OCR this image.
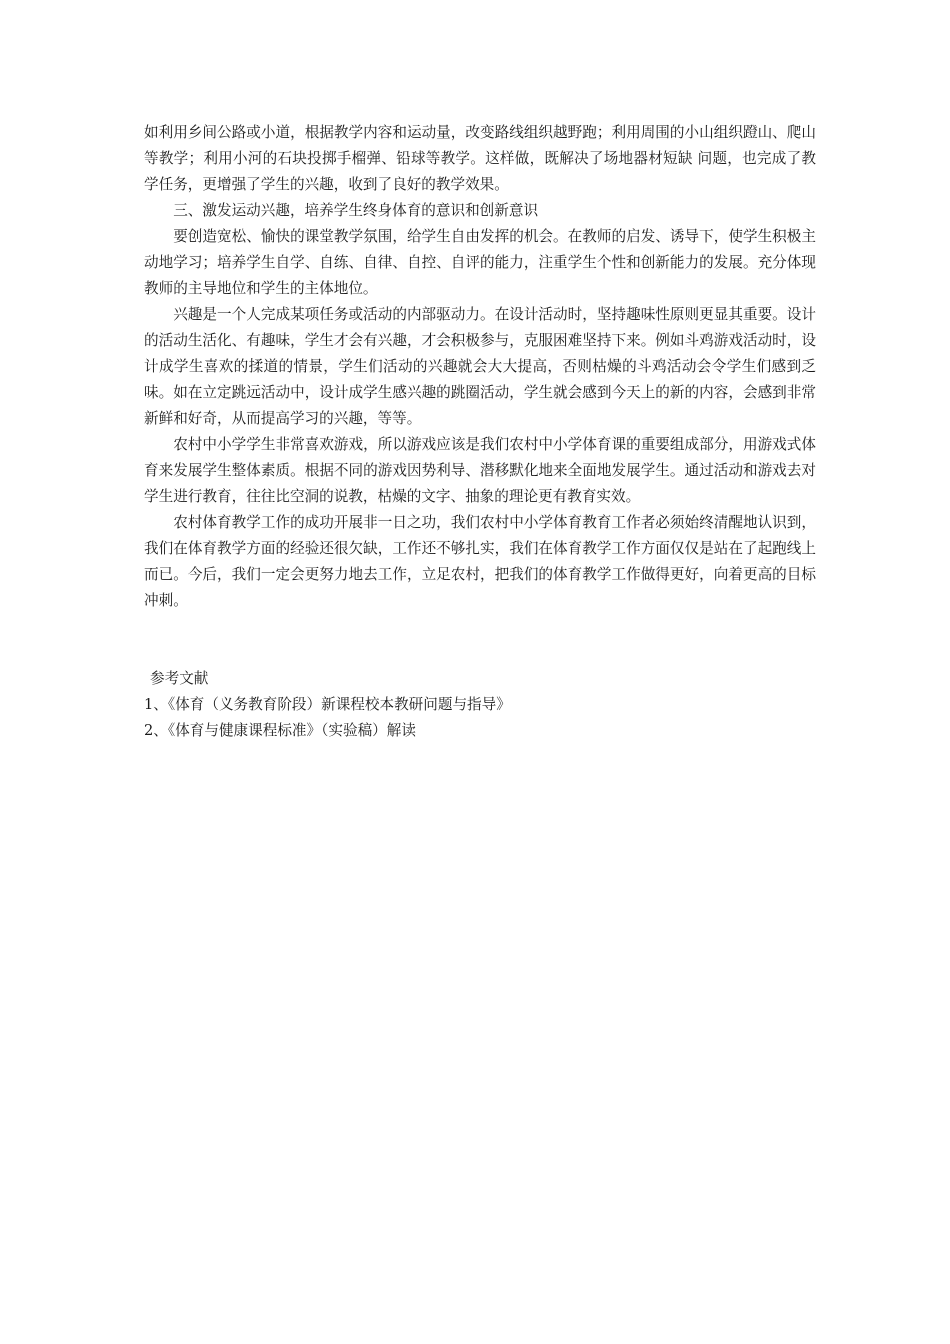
如利用乡间公路或小道，根据教学内容和运动量，改变路线组织越野跑；利用周围的小山组织蹬山、爬山等教学；利用小河的石块投掷手榴弹、铅球等教学。这样做，既解决了场地器材短缺 问题，也完成了教学任务，更增强了学生的兴趣，收到了良好的教学效果。

三、激发运动兴趣，培养学生终身体育的意识和创新意识

要创造宽松、愉快的课堂教学氛围，给学生自由发挥的机会。在教师的启发、诱导下，使学生积极主动地学习；培养学生自学、自练、自律、自控、自评的能力，注重学生个性和创新能力的发展。充分体现教师的主导地位和学生的主体地位。

兴趣是一个人完成某项任务或活动的内部驱动力。在设计活动时，坚持趣味性原则更显其重要。设计的活动生活化、有趣味，学生才会有兴趣，才会积极参与，克服困难坚持下来。例如斗鸡游戏活动时，设计成学生喜欢的揉道的情景，学生们活动的兴趣就会大大提高，否则枯燥的斗鸡活动会令学生们感到乏味。如在立定跳远活动中，设计成学生感兴趣的跳圈活动，学生就会感到今天上的新的内容，会感到非常新鲜和好奇，从而提高学习的兴趣，等等。

农村中小学学生非常喜欢游戏，所以游戏应该是我们农村中小学体育课的重要组成部分，用游戏式体育来发展学生整体素质。根据不同的游戏因势利导、潜移默化地来全面地发展学生。通过活动和游戏去对学生进行教育，往往比空洞的说教，枯燥的文字、抽象的理论更有教育实效。

农村体育教学工作的成功开展非一日之功，我们农村中小学体育教育工作者必须始终清醒地认识到，我们在体育教学方面的经验还很欠缺，工作还不够扎实，我们在体育教学工作方面仅仅是站在了起跑线上而已。今后，我们一定会更努力地去工作，立足农村，把我们的体育教学工作做得更好，向着更高的目标冲刺。

参考文献

1、《体育（义务教育阶段）新课程校本教研问题与指导》

2、《体育与健康课程标准》（实验稿）解读
